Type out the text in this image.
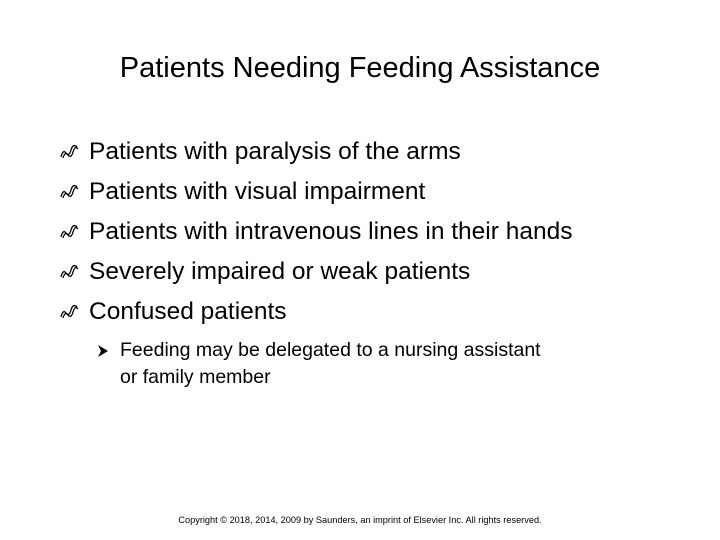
Patients Needing Feeding Assistance
Patients with paralysis of the arms
Patients with visual impairment
Patients with intravenous lines in their hands
Severely impaired or weak patients
Confused patients
Feeding may be delegated to a nursing assistant
or family member
Copyright © 2018, 2014, 2009 by Saunders, an imprint of Elsevier Inc. All rights reserved.
